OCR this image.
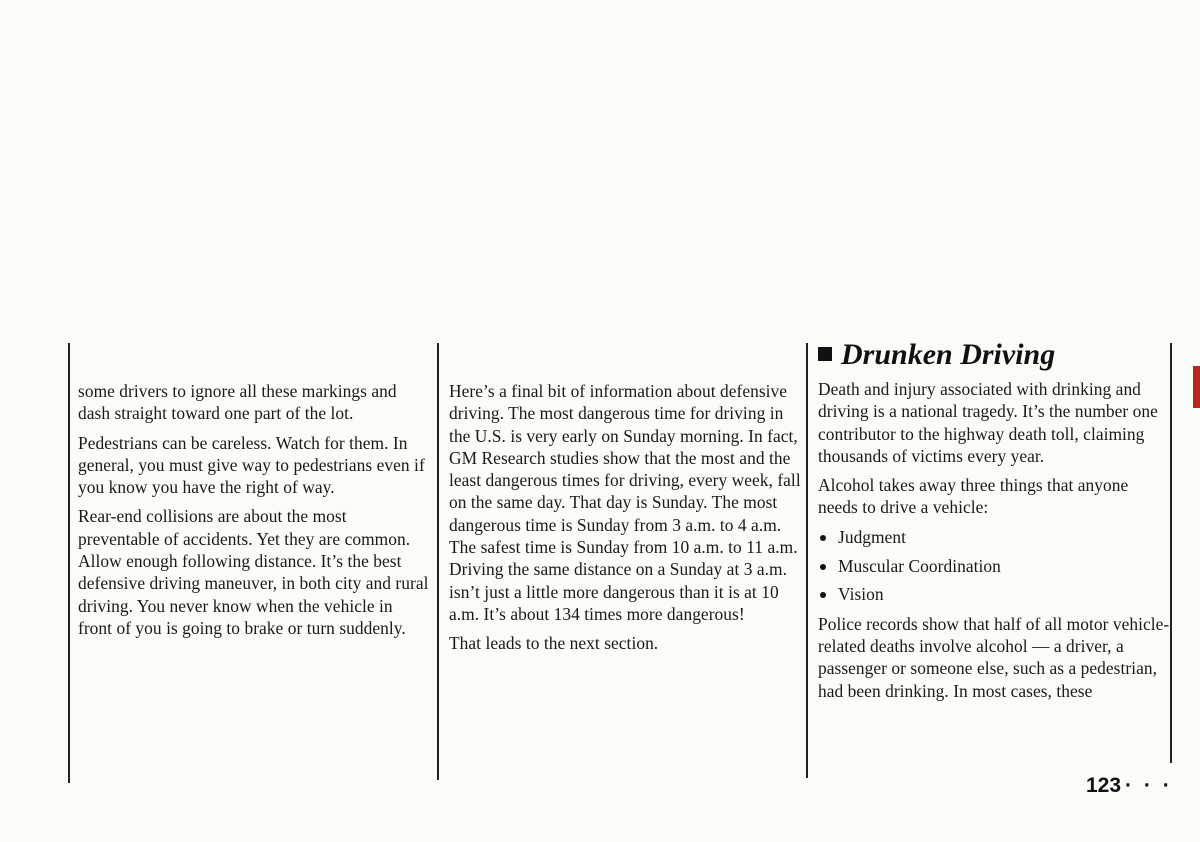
some drivers to ignore all these markings and dash straight toward one part of the lot.

Pedestrians can be careless. Watch for them. In general, you must give way to pedestrians even if you know you have the right of way.

Rear-end collisions are about the most preventable of accidents. Yet they are common. Allow enough following distance. It’s the best defensive driving maneuver, in both city and rural driving. You never know when the vehicle in front of you is going to brake or turn suddenly.

Here’s a final bit of information about defensive driving. The most dangerous time for driving in the U.S. is very early on Sunday morning. In fact, GM Research studies show that the most and the least dangerous times for driving, every week, fall on the same day. That day is Sunday. The most dangerous time is Sunday from 3 a.m. to 4 a.m. The safest time is Sunday from 10 a.m. to 11 a.m. Driving the same distance on a Sunday at 3 a.m. isn’t just a little more dangerous than it is at 10 a.m. It’s about 134 times more dangerous!

That leads to the next section.

Drunken Driving

Death and injury associated with drinking and driving is a national tragedy. It’s the number one contributor to the highway death toll, claiming thousands of victims every year.

Alcohol takes away three things that anyone needs to drive a vehicle:

Judgment
Muscular Coordination
Vision

Police records show that half of all motor vehicle-related deaths involve alcohol — a driver, a passenger or someone else, such as a pedestrian, had been drinking. In most cases, these

123 · · ·
